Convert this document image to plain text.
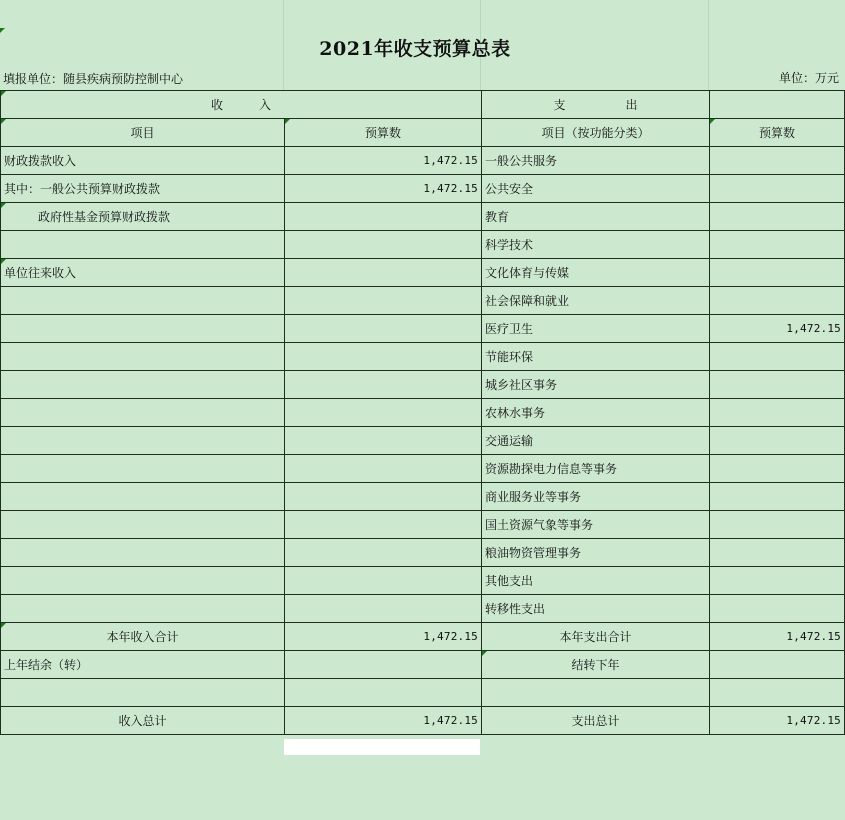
2021年收支预算总表
填报单位：随县疾病预防控制中心	单位：万元
收　　　入		支　　　　　出	
项目	预算数	项目（按功能分类）	预算数
财政拨款收入	1,472.15	一般公共服务	
其中：一般公共预算财政拨款	1,472.15	公共安全	
政府性基金预算财政拨款		教育	
		科学技术	
单位往来收入		文化体育与传媒	
		社会保障和就业	
		医疗卫生	1,472.15
		节能环保	
		城乡社区事务	
		农林水事务	
		交通运输	
		资源勘探电力信息等事务	
		商业服务业等事务	
		国土资源气象等事务	
		粮油物资管理事务	
		其他支出	
		转移性支出	
本年收入合计	1,472.15	本年支出合计	1,472.15
上年结余（转）		结转下年	

收入总计	1,472.15	支出总计	1,472.15
